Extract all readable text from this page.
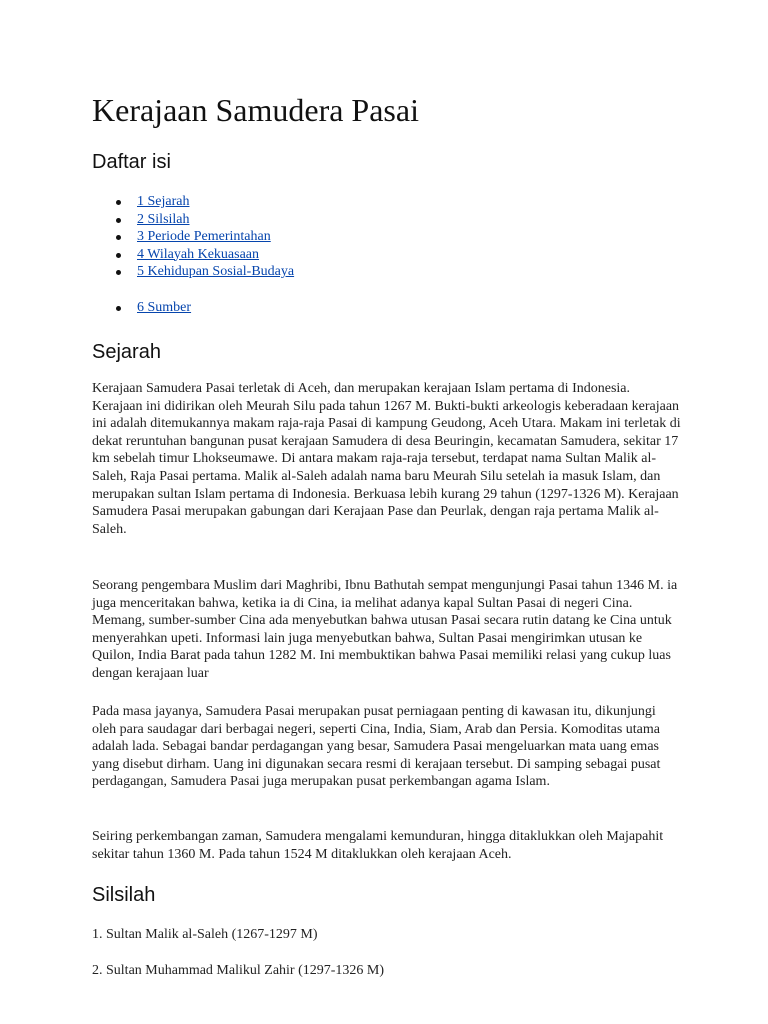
Kerajaan Samudera Pasai
Daftar isi
1 Sejarah
2 Silsilah
3 Periode Pemerintahan
4 Wilayah Kekuasaan
5 Kehidupan Sosial-Budaya
6 Sumber
Sejarah

Kerajaan Samudera Pasai terletak di Aceh, dan merupakan kerajaan Islam pertama di Indonesia. Kerajaan ini didirikan oleh Meurah Silu pada tahun 1267 M. Bukti-bukti arkeologis keberadaan kerajaan ini adalah ditemukannya makam raja-raja Pasai di kampung Geudong, Aceh Utara. Makam ini terletak di dekat reruntuhan bangunan pusat kerajaan Samudera di desa Beuringin, kecamatan Samudera, sekitar 17 km sebelah timur Lhokseumawe. Di antara makam raja-raja tersebut, terdapat nama Sultan Malik al-Saleh, Raja Pasai pertama. Malik al-Saleh adalah nama baru Meurah Silu setelah ia masuk Islam, dan merupakan sultan Islam pertama di Indonesia. Berkuasa lebih kurang 29 tahun (1297-1326 M). Kerajaan Samudera Pasai merupakan gabungan dari Kerajaan Pase dan Peurlak, dengan raja pertama Malik al-Saleh.

Seorang pengembara Muslim dari Maghribi, Ibnu Bathutah sempat mengunjungi Pasai tahun 1346 M. ia juga menceritakan bahwa, ketika ia di Cina, ia melihat adanya kapal Sultan Pasai di negeri Cina. Memang, sumber-sumber Cina ada menyebutkan bahwa utusan Pasai secara rutin datang ke Cina untuk menyerahkan upeti. Informasi lain juga menyebutkan bahwa, Sultan Pasai mengirimkan utusan ke Quilon, India Barat pada tahun 1282 M. Ini membuktikan bahwa Pasai memiliki relasi yang cukup luas dengan kerajaan luar

Pada masa jayanya, Samudera Pasai merupakan pusat perniagaan penting di kawasan itu, dikunjungi oleh para saudagar dari berbagai negeri, seperti Cina, India, Siam, Arab dan Persia. Komoditas utama adalah lada. Sebagai bandar perdagangan yang besar, Samudera Pasai mengeluarkan mata uang emas yang disebut dirham. Uang ini digunakan secara resmi di kerajaan tersebut. Di samping sebagai pusat perdagangan, Samudera Pasai juga merupakan pusat perkembangan agama Islam.

Seiring perkembangan zaman, Samudera mengalami kemunduran, hingga ditaklukkan oleh Majapahit sekitar tahun 1360 M. Pada tahun 1524 M ditaklukkan oleh kerajaan Aceh.

Silsilah

1. Sultan Malik al-Saleh (1267-1297 M)

2. Sultan Muhammad Malikul Zahir (1297-1326 M)
